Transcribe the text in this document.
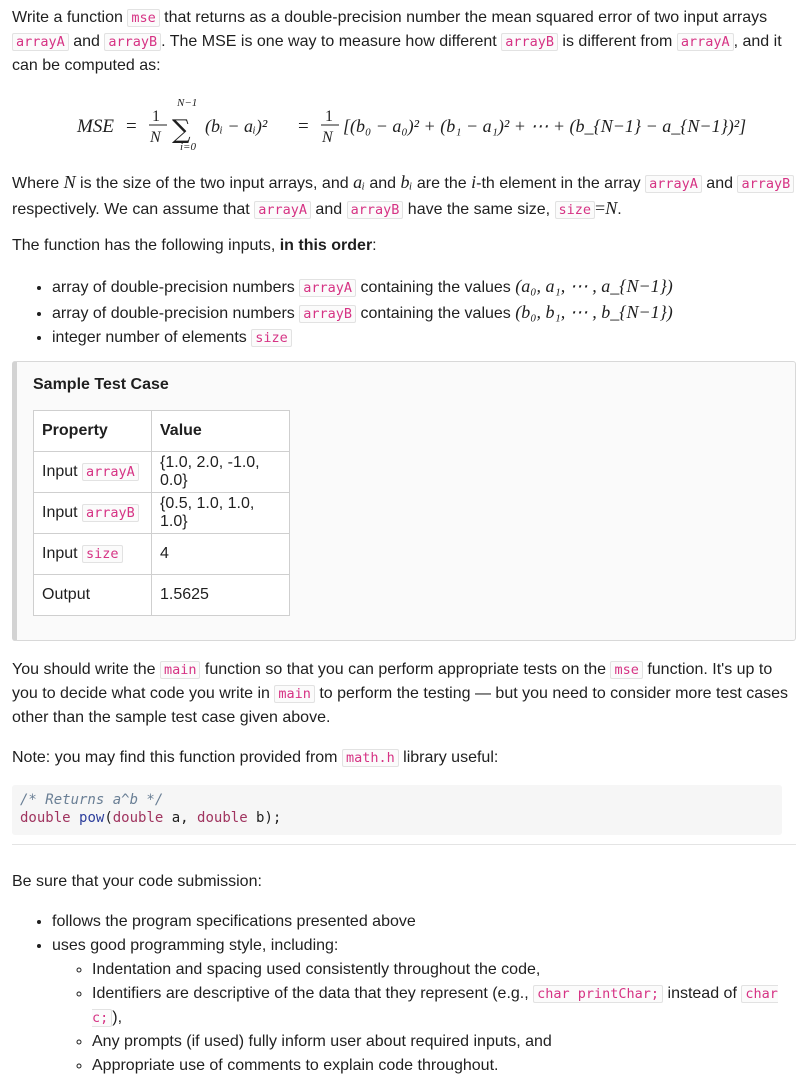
Write a function mse that returns as a double-precision number the mean squared error of two input arrays arrayA and arrayB . The MSE is one way to measure how different arrayB is different from arrayA , and it can be computed as:

MSE = 1
N
N−1
∑
i=0
(bᵢ − aᵢ)² = 1
N
[(b₀ − a₀)² + (b₁ − a₁)² + ⋯ + (b_{N−1} − a_{N−1})²]

Where N is the size of the two input arrays, and aᵢ and bᵢ are the i-th element in the array arrayA and arrayB respectively. We can assume that arrayA and arrayB have the same size, size =N.

The function has the following inputs, in this order:

• array of double-precision numbers arrayA containing the values (a₀, a₁, ⋯ , a_{N−1})
• array of double-precision numbers arrayB containing the values (b₀, b₁, ⋯ , b_{N−1})
• integer number of elements size
Sample Test Case
Property	Value
Input arrayA	{1.0, 2.0, -1.0, 0.0}
Input arrayB	{0.5, 1.0, 1.0, 1.0}
Input size	4
Output	1.5625

You should write the main function so that you can perform appropriate tests on the mse function. It's up to you to decide what code you write in main to perform the testing — but you need to consider more test cases other than the sample test case given above.

Note: you may find this function provided from math.h library useful:

/* Returns a^b */
double pow(double a, double b);

Be sure that your code submission:

• follows the program specifications presented above
• uses good programming style, including:
◦ Indentation and spacing used consistently throughout the code,
◦ Identifiers are descriptive of the data that they represent (e.g., char printChar; instead of char c; ),
◦ Any prompts (if used) fully inform user about required inputs, and
◦ Appropriate use of comments to explain code throughout.
